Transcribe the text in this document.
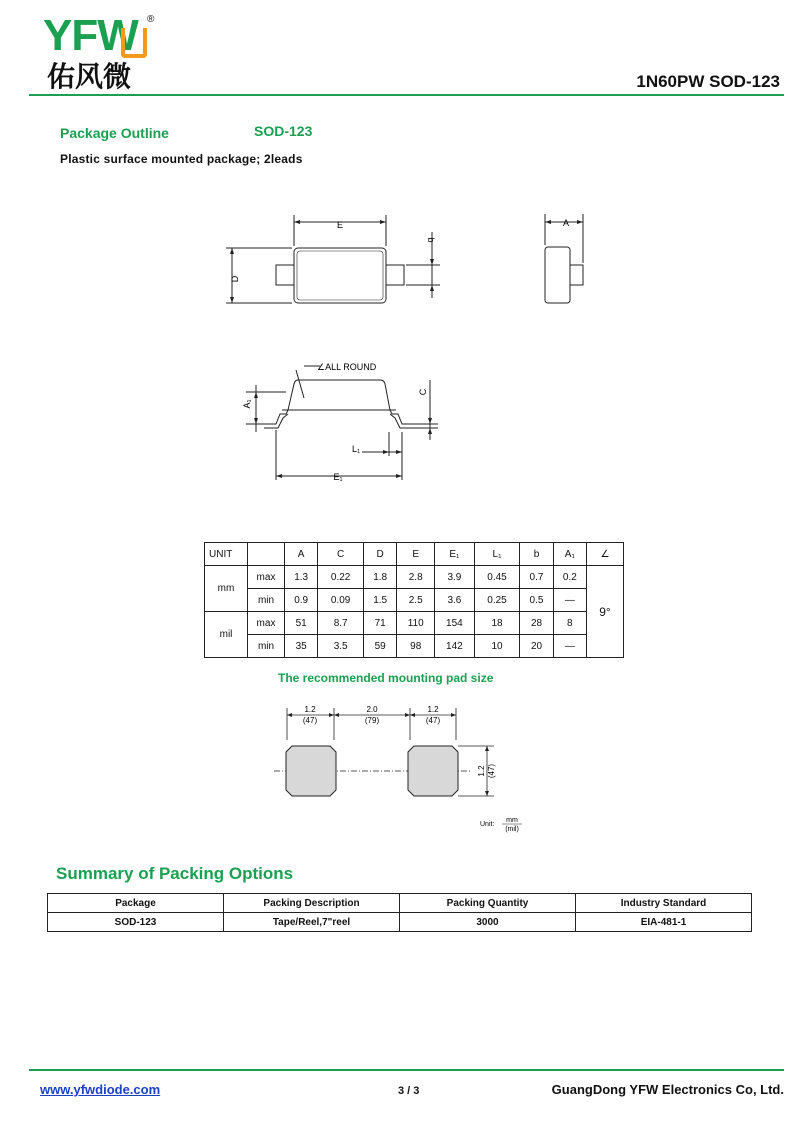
YFW ®
佑风微	1N60PW SOD-123
Package Outline	SOD-123
Plastic surface mounted package; 2leads
E
D
b
A
∠ALL ROUND
A₁
C
L₁
E₁
UNIT		A	C	D	E	E₁	L₁	b	A₁	∠
mm	max	1.3	0.22	1.8	2.8	3.9	0.45	0.7	0.2	9°
	min	0.9	0.09	1.5	2.5	3.6	0.25	0.5	—	
mil	max	51	8.7	71	110	154	18	28	8	
	min	35	3.5	59	98	142	10	20	—	
The recommended mounting pad size
1.2
(47)
2.0
(79)
1.2
(47)
1.2 (47)
Unit:
mm
(mil)
Summary of Packing Options
Package	Packing Description	Packing Quantity	Industry Standard
SOD-123	Tape/Reel,7"reel	3000	EIA-481-1
www.yfwdiode.com	3 / 3	GuangDong YFW Electronics Co, Ltd.
